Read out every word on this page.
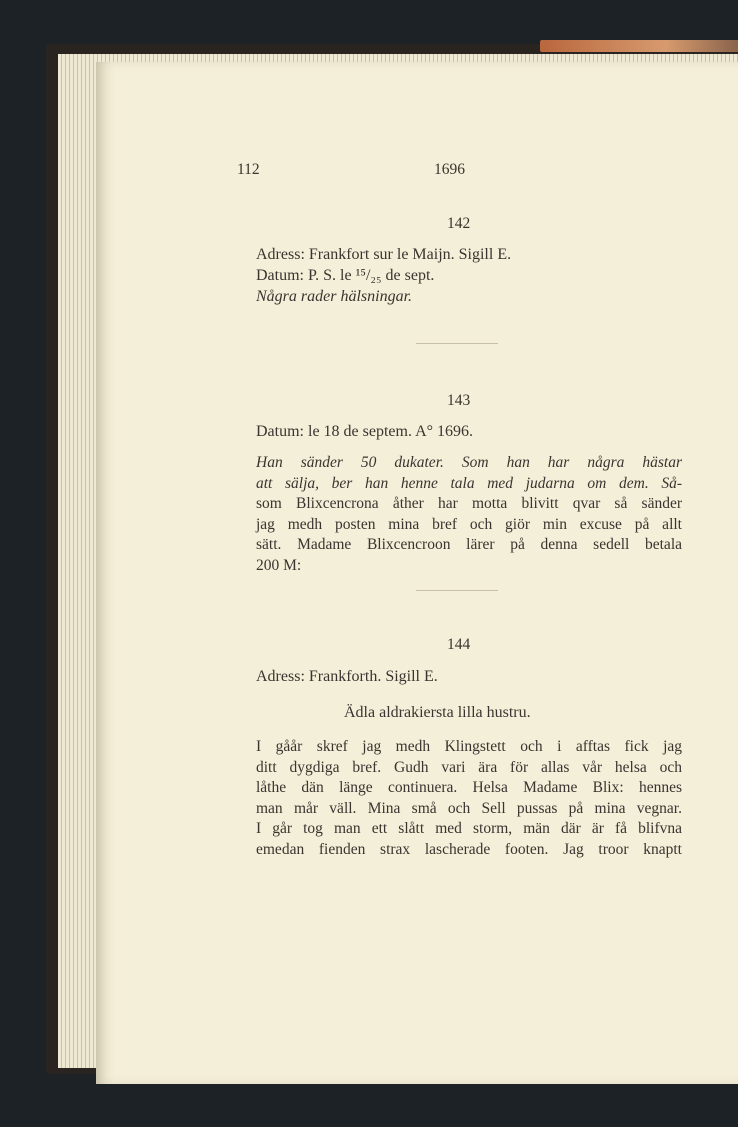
112	1696
142
Adress: Frankfort sur le Maijn. Sigill E.
Datum: P. S. le ¹⁵/₂₅ de sept.
Några rader hälsningar.
143
Datum: le 18 de septem. A° 1696.
Han sänder 50 dukater. Som han har några hästar
att sälja, ber han henne tala med judarna om dem. Så-
som Blixcencrona åther har motta blivitt qvar så sänder
jag medh posten mina bref och giör min excuse på allt
sätt. Madame Blixcencroon lärer på denna sedell betala
200 M:
144
Adress: Frankforth. Sigill E.
Ädla aldrakiersta lilla hustru.
I gåår skref jag medh Klingstett och i afftas fick jag
ditt dygdiga bref. Gudh vari ära för allas vår helsa och
låthe dän länge continuera. Helsa Madame Blix: hennes
man mår väll. Mina små och Sell pussas på mina vegnar.
I går tog man ett slått med storm, män där är få blifvna
emedan fienden strax lascherade footen. Jag troor knaptt
